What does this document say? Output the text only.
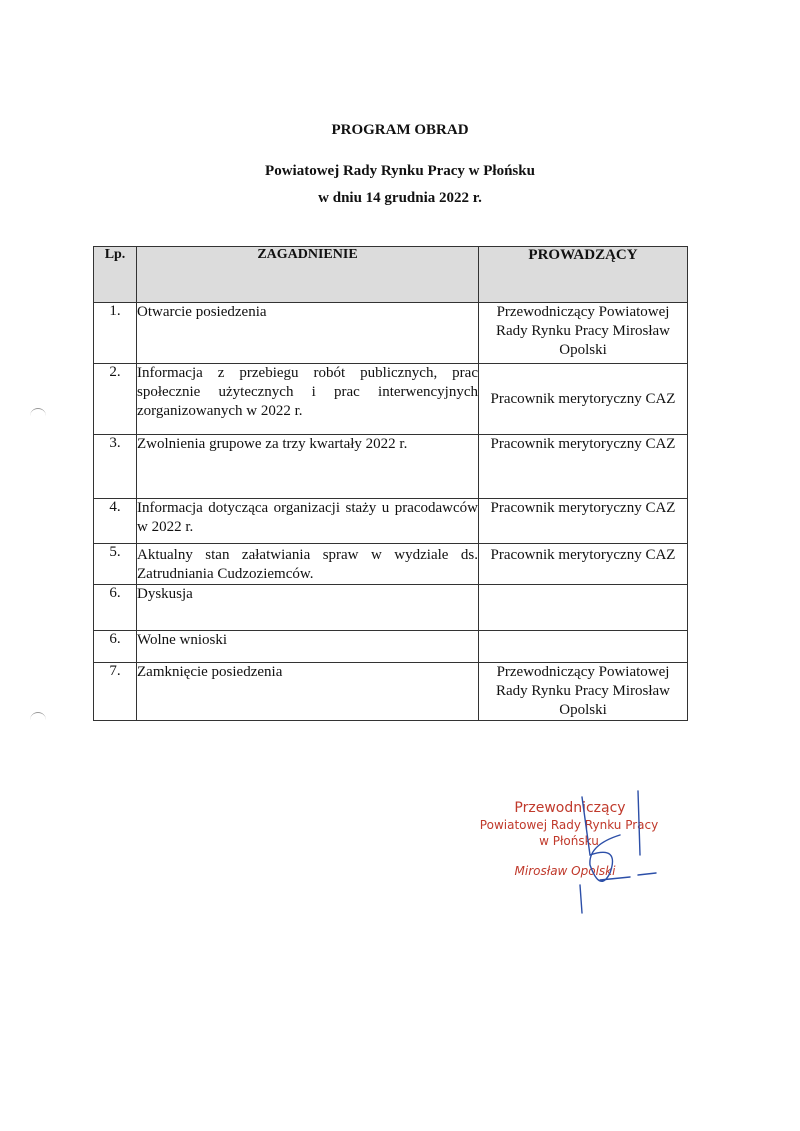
PROGRAM OBRAD
Powiatowej Rady Rynku Pracy w Płońsku
w dniu 14 grudnia 2022 r.
Lp.	ZAGADNIENIE	PROWADZĄCY
1.	Otwarcie posiedzenia	Przewodniczący Powiatowej Rady Rynku Pracy Mirosław Opolski
2.	Informacja z przebiegu robót publicznych, prac społecznie użytecznych i prac interwencyjnych zorganizowanych w 2022 r.	Pracownik merytoryczny CAZ
3.	Zwolnienia grupowe za trzy kwartały 2022 r.	Pracownik merytoryczny CAZ
4.	Informacja dotycząca organizacji staży u pracodawców w 2022 r.	Pracownik merytoryczny CAZ
5.	Aktualny stan załatwiania spraw w wydziale ds. Zatrudniania Cudzoziemców.	Pracownik merytoryczny CAZ
6.	Dyskusja	
6.	Wolne wnioski	
7.	Zamknięcie posiedzenia	Przewodniczący Powiatowej Rady Rynku Pracy Mirosław Opolski
Przewodniczący
Powiatowej Rady Rynku Pracy
w Płońsku
Mirosław Opolski
